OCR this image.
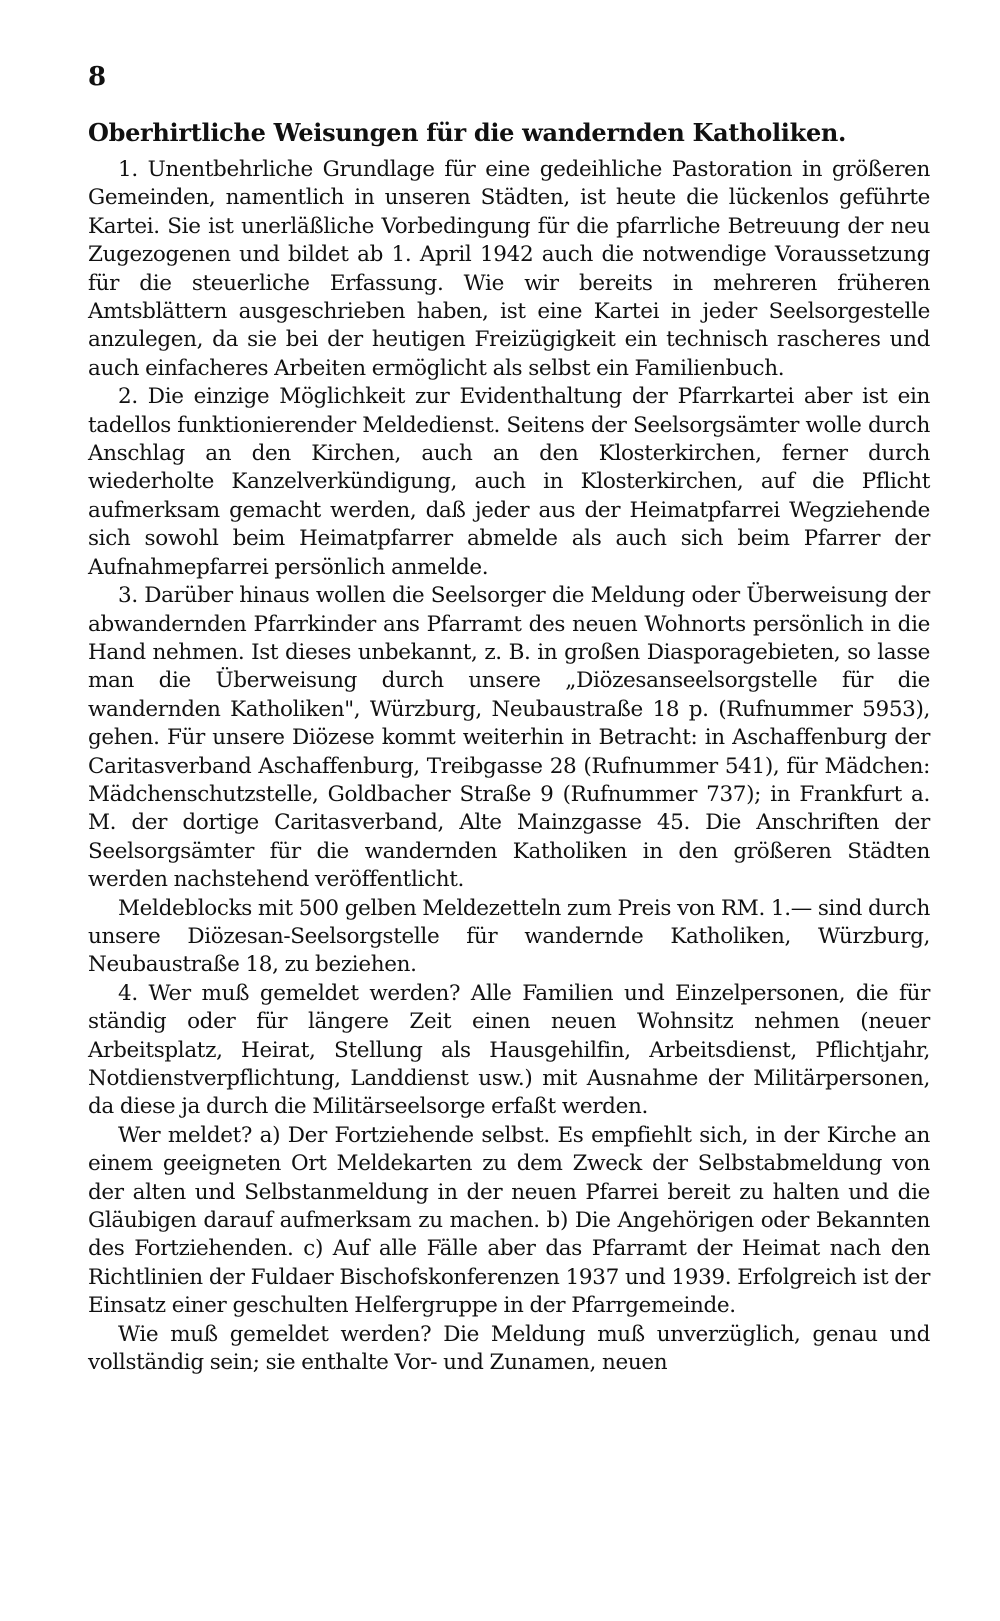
8
Oberhirtliche Weisungen für die wandernden Katholiken.

1. Unentbehrliche Grundlage für eine gedeihliche Pastoration in größeren Gemeinden, namentlich in unseren Städten, ist heute die lückenlos geführte Kartei. Sie ist unerläßliche Vorbedingung für die pfarrliche Betreuung der neu Zugezogenen und bildet ab 1. April 1942 auch die notwendige Voraussetzung für die steuerliche Erfassung. Wie wir bereits in mehreren früheren Amtsblättern ausgeschrieben haben, ist eine Kartei in jeder Seelsorgestelle anzulegen, da sie bei der heutigen Freizügigkeit ein technisch rascheres und auch einfacheres Arbeiten ermöglicht als selbst ein Familienbuch.

2. Die einzige Möglichkeit zur Evidenthaltung der Pfarrkartei aber ist ein tadellos funktionierender Meldedienst. Seitens der Seelsorgsämter wolle durch Anschlag an den Kirchen, auch an den Klosterkirchen, ferner durch wiederholte Kanzelverkündigung, auch in Klosterkirchen, auf die Pflicht aufmerksam gemacht werden, daß jeder aus der Heimatpfarrei Wegziehende sich sowohl beim Heimatpfarrer abmelde als auch sich beim Pfarrer der Aufnahmepfarrei persönlich anmelde.

3. Darüber hinaus wollen die Seelsorger die Meldung oder Überweisung der abwandernden Pfarrkinder ans Pfarramt des neuen Wohnorts persönlich in die Hand nehmen. Ist dieses unbekannt, z. B. in großen Diasporagebieten, so lasse man die Überweisung durch unsere „Diözesanseelsorgstelle für die wandernden Katholiken", Würzburg, Neubaustraße 18 p. (Rufnummer 5953), gehen. Für unsere Diözese kommt weiterhin in Betracht: in Aschaffenburg der Caritasverband Aschaffenburg, Treibgasse 28 (Rufnummer 541), für Mädchen: Mädchenschutzstelle, Goldbacher Straße 9 (Rufnummer 737); in Frankfurt a. M. der dortige Caritasverband, Alte Mainzgasse 45. Die Anschriften der Seelsorgsämter für die wandernden Katholiken in den größeren Städten werden nachstehend veröffentlicht.

Meldeblocks mit 500 gelben Meldezetteln zum Preis von RM. 1.— sind durch unsere Diözesan-Seelsorgstelle für wandernde Katholiken, Würzburg, Neubaustraße 18, zu beziehen.

4. Wer muß gemeldet werden? Alle Familien und Einzelpersonen, die für ständig oder für längere Zeit einen neuen Wohnsitz nehmen (neuer Arbeitsplatz, Heirat, Stellung als Hausgehilfin, Arbeitsdienst, Pflichtjahr, Notdienstverpflichtung, Landdienst usw.) mit Ausnahme der Militärpersonen, da diese ja durch die Militärseelsorge erfaßt werden.

Wer meldet? a) Der Fortziehende selbst. Es empfiehlt sich, in der Kirche an einem geeigneten Ort Meldekarten zu dem Zweck der Selbstabmeldung von der alten und Selbstanmeldung in der neuen Pfarrei bereit zu halten und die Gläubigen darauf aufmerksam zu machen. b) Die Angehörigen oder Bekannten des Fortziehenden. c) Auf alle Fälle aber das Pfarramt der Heimat nach den Richtlinien der Fuldaer Bischofskonferenzen 1937 und 1939. Erfolgreich ist der Einsatz einer geschulten Helfergruppe in der Pfarrgemeinde.

Wie muß gemeldet werden? Die Meldung muß unverzüglich, genau und vollständig sein; sie enthalte Vor- und Zunamen, neuen
